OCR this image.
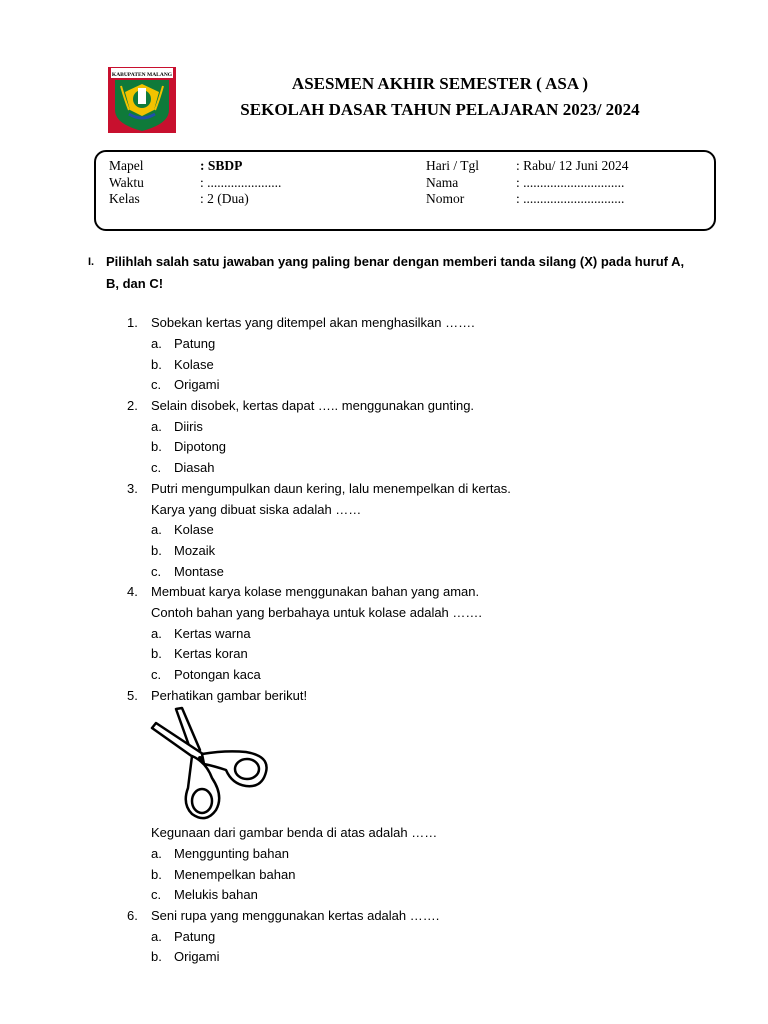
KABUPATEN MALANG	ASESMEN AKHIR SEMESTER ( ASA )
SEKOLAH DASAR TAHUN PELAJARAN 2023/ 2024
Mapel	: SBDP
Waktu	: ......................
Kelas	: 2 (Dua)
Hari / Tgl	: Rabu/ 12 Juni 2024
Nama	: ..............................
Nomor	: ..............................
I. Pilihlah salah satu jawaban yang paling benar dengan memberi tanda silang (X) pada huruf A, B, dan C!
1. Sobekan kertas yang ditempel akan menghasilkan …….
a. Patung
b. Kolase
c. Origami
2. Selain disobek, kertas dapat ….. menggunakan gunting.
a. Diiris
b. Dipotong
c. Diasah
3. Putri mengumpulkan daun kering, lalu menempelkan di kertas.
Karya yang dibuat siska adalah ……
a. Kolase
b. Mozaik
c. Montase
4. Membuat karya kolase menggunakan bahan yang aman.
Contoh bahan yang berbahaya untuk kolase adalah …….
a. Kertas warna
b. Kertas koran
c. Potongan kaca
5. Perhatikan gambar berikut!
Kegunaan dari gambar benda di atas adalah ……
a. Menggunting bahan
b. Menempelkan bahan
c. Melukis bahan
6. Seni rupa yang menggunakan kertas adalah …….
a. Patung
b. Origami
